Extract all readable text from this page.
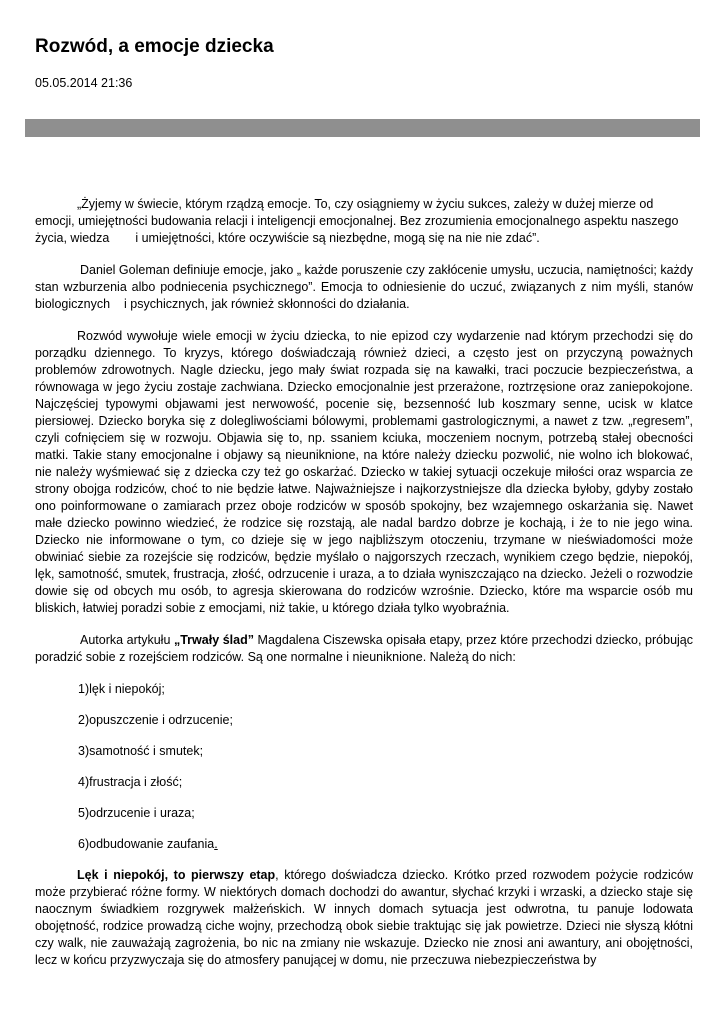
Rozwód, a emocje dziecka
05.05.2014 21:36

„Żyjemy w świecie, którym rządzą emocje. To, czy osiągniemy w życiu sukces, zależy w dużej mierze od emocji, umiejętności budowania relacji i inteligencji emocjonalnej. Bez zrozumienia emocjonalnego aspektu naszego życia, wiedza i umiejętności, które oczywiście są niezbędne, mogą się na nie nie zdać”.

Daniel Goleman definiuje emocje, jako „ każde poruszenie czy zakłócenie umysłu, uczucia, namiętności; każdy stan wzburzenia albo podniecenia psychicznego”. Emocja to odniesienie do uczuć, związanych z nim myśli, stanów biologicznych i psychicznych, jak również skłonności do działania.

Rozwód wywołuje wiele emocji w życiu dziecka, to nie epizod czy wydarzenie nad którym przechodzi się do porządku dziennego. To kryzys, którego doświadczają również dzieci, a często jest on przyczyną poważnych problemów zdrowotnych. Nagle dziecku, jego mały świat rozpada się na kawałki, traci poczucie bezpieczeństwa, a równowaga w jego życiu zostaje zachwiana. Dziecko emocjonalnie jest przerażone, roztrzęsione oraz zaniepokojone. Najczęściej typowymi objawami jest nerwowość, pocenie się, bezsenność lub koszmary senne, ucisk w klatce piersiowej. Dziecko boryka się z dolegliwościami bólowymi, problemami gastrologicznymi, a nawet z tzw. „regresem”, czyli cofnięciem się w rozwoju. Objawia się to, np. ssaniem kciuka, moczeniem nocnym, potrzebą stałej obecności matki. Takie stany emocjonalne i objawy są nieuniknione, na które należy dziecku pozwolić, nie wolno ich blokować, nie należy wyśmiewać się z dziecka czy też go oskarżać. Dziecko w takiej sytuacji oczekuje miłości oraz wsparcia ze strony obojga rodziców, choć to nie będzie łatwe. Najważniejsze i najkorzystniejsze dla dziecka byłoby, gdyby zostało ono poinformowane o zamiarach przez oboje rodziców w sposób spokojny, bez wzajemnego oskarżania się. Nawet małe dziecko powinno wiedzieć, że rodzice się rozstają, ale nadal bardzo dobrze je kochają, i że to nie jego wina. Dziecko nie informowane o tym, co dzieje się w jego najbliższym otoczeniu, trzymane w nieświadomości może obwiniać siebie za rozejście się rodziców, będzie myślało o najgorszych rzeczach, wynikiem czego będzie, niepokój, lęk, samotność, smutek, frustracja, złość, odrzucenie i uraza, a to działa wyniszczająco na dziecko. Jeżeli o rozwodzie dowie się od obcych mu osób, to agresja skierowana do rodziców wzrośnie. Dziecko, które ma wsparcie osób mu bliskich, łatwiej poradzi sobie z emocjami, niż takie, u którego działa tylko wyobraźnia.

Autorka artykułu „Trwały ślad” Magdalena Ciszewska opisała etapy, przez które przechodzi dziecko, próbując poradzić sobie z rozejściem rodziców. Są one normalne i nieuniknione. Należą do nich:

1)lęk i niepokój;
2)opuszczenie i odrzucenie;
3)samotność i smutek;
4)frustracja i złość;
5)odrzucenie i uraza;
6)odbudowanie zaufania.

Lęk i niepokój, to pierwszy etap, którego doświadcza dziecko. Krótko przed rozwodem pożycie rodziców może przybierać różne formy. W niektórych domach dochodzi do awantur, słychać krzyki i wrzaski, a dziecko staje się naocznym świadkiem rozgrywek małżeńskich. W innych domach sytuacja jest odwrotna, tu panuje lodowata obojętność, rodzice prowadzą ciche wojny, przechodzą obok siebie traktując się jak powietrze. Dzieci nie słyszą kłótni czy walk, nie zauważają zagrożenia, bo nic na zmiany nie wskazuje. Dziecko nie znosi ani awantury, ani obojętności, lecz w końcu przyzwyczaja się do atmosfery panującej w domu, nie przeczuwa niebezpieczeństwa by
